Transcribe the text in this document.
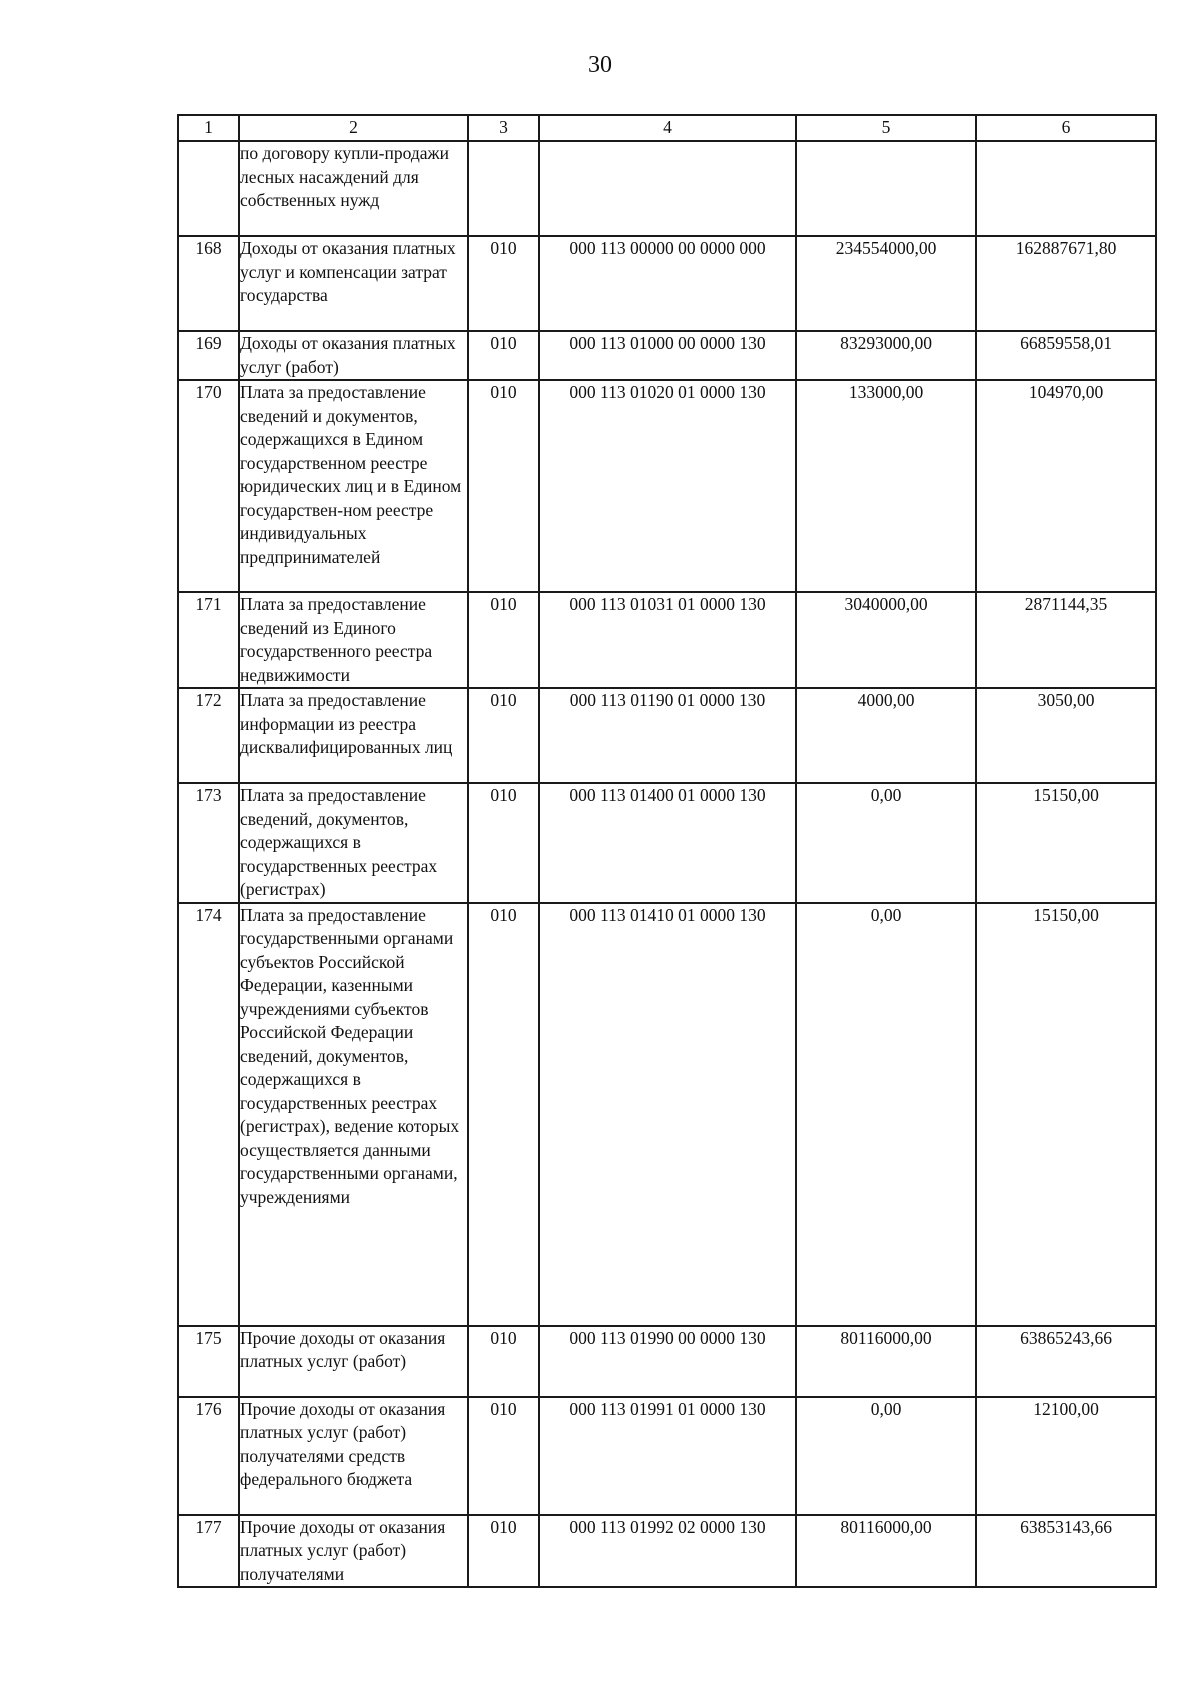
30
1	2	3	4	5	6
	по договору купли-продажи лесных насаждений для собственных нужд				
168	Доходы от оказания платных услуг и компенсации затрат государства	010	000 113 00000 00 0000 000	234554000,00	162887671,80
169	Доходы от оказания платных услуг (работ)	010	000 113 01000 00 0000 130	83293000,00	66859558,01
170	Плата за предоставление сведений и документов, содержащихся в Едином государственном реестре юридических лиц и в Едином государствен-ном реестре индивидуальных предпринимателей	010	000 113 01020 01 0000 130	133000,00	104970,00
171	Плата за предоставление сведений из Единого государственного реестра недвижимости	010	000 113 01031 01 0000 130	3040000,00	2871144,35
172	Плата за предоставление информации из реестра дисквалифицированных лиц	010	000 113 01190 01 0000 130	4000,00	3050,00
173	Плата за предоставление сведений, документов, содержащихся в государственных реестрах (регистрах)	010	000 113 01400 01 0000 130	0,00	15150,00
174	Плата за предоставление государственными органами субъектов Российской Федерации, казенными учреждениями субъектов Российской Федерации сведений, документов, содержащихся в государственных реестрах (регистрах), ведение которых осуществляется данными государственными органами, учреждениями	010	000 113 01410 01 0000 130	0,00	15150,00
175	Прочие доходы от оказания платных услуг (работ)	010	000 113 01990 00 0000 130	80116000,00	63865243,66
176	Прочие доходы от оказания платных услуг (работ) получателями средств федерального бюджета	010	000 113 01991 01 0000 130	0,00	12100,00
177	Прочие доходы от оказания платных услуг (работ) получателями	010	000 113 01992 02 0000 130	80116000,00	63853143,66
